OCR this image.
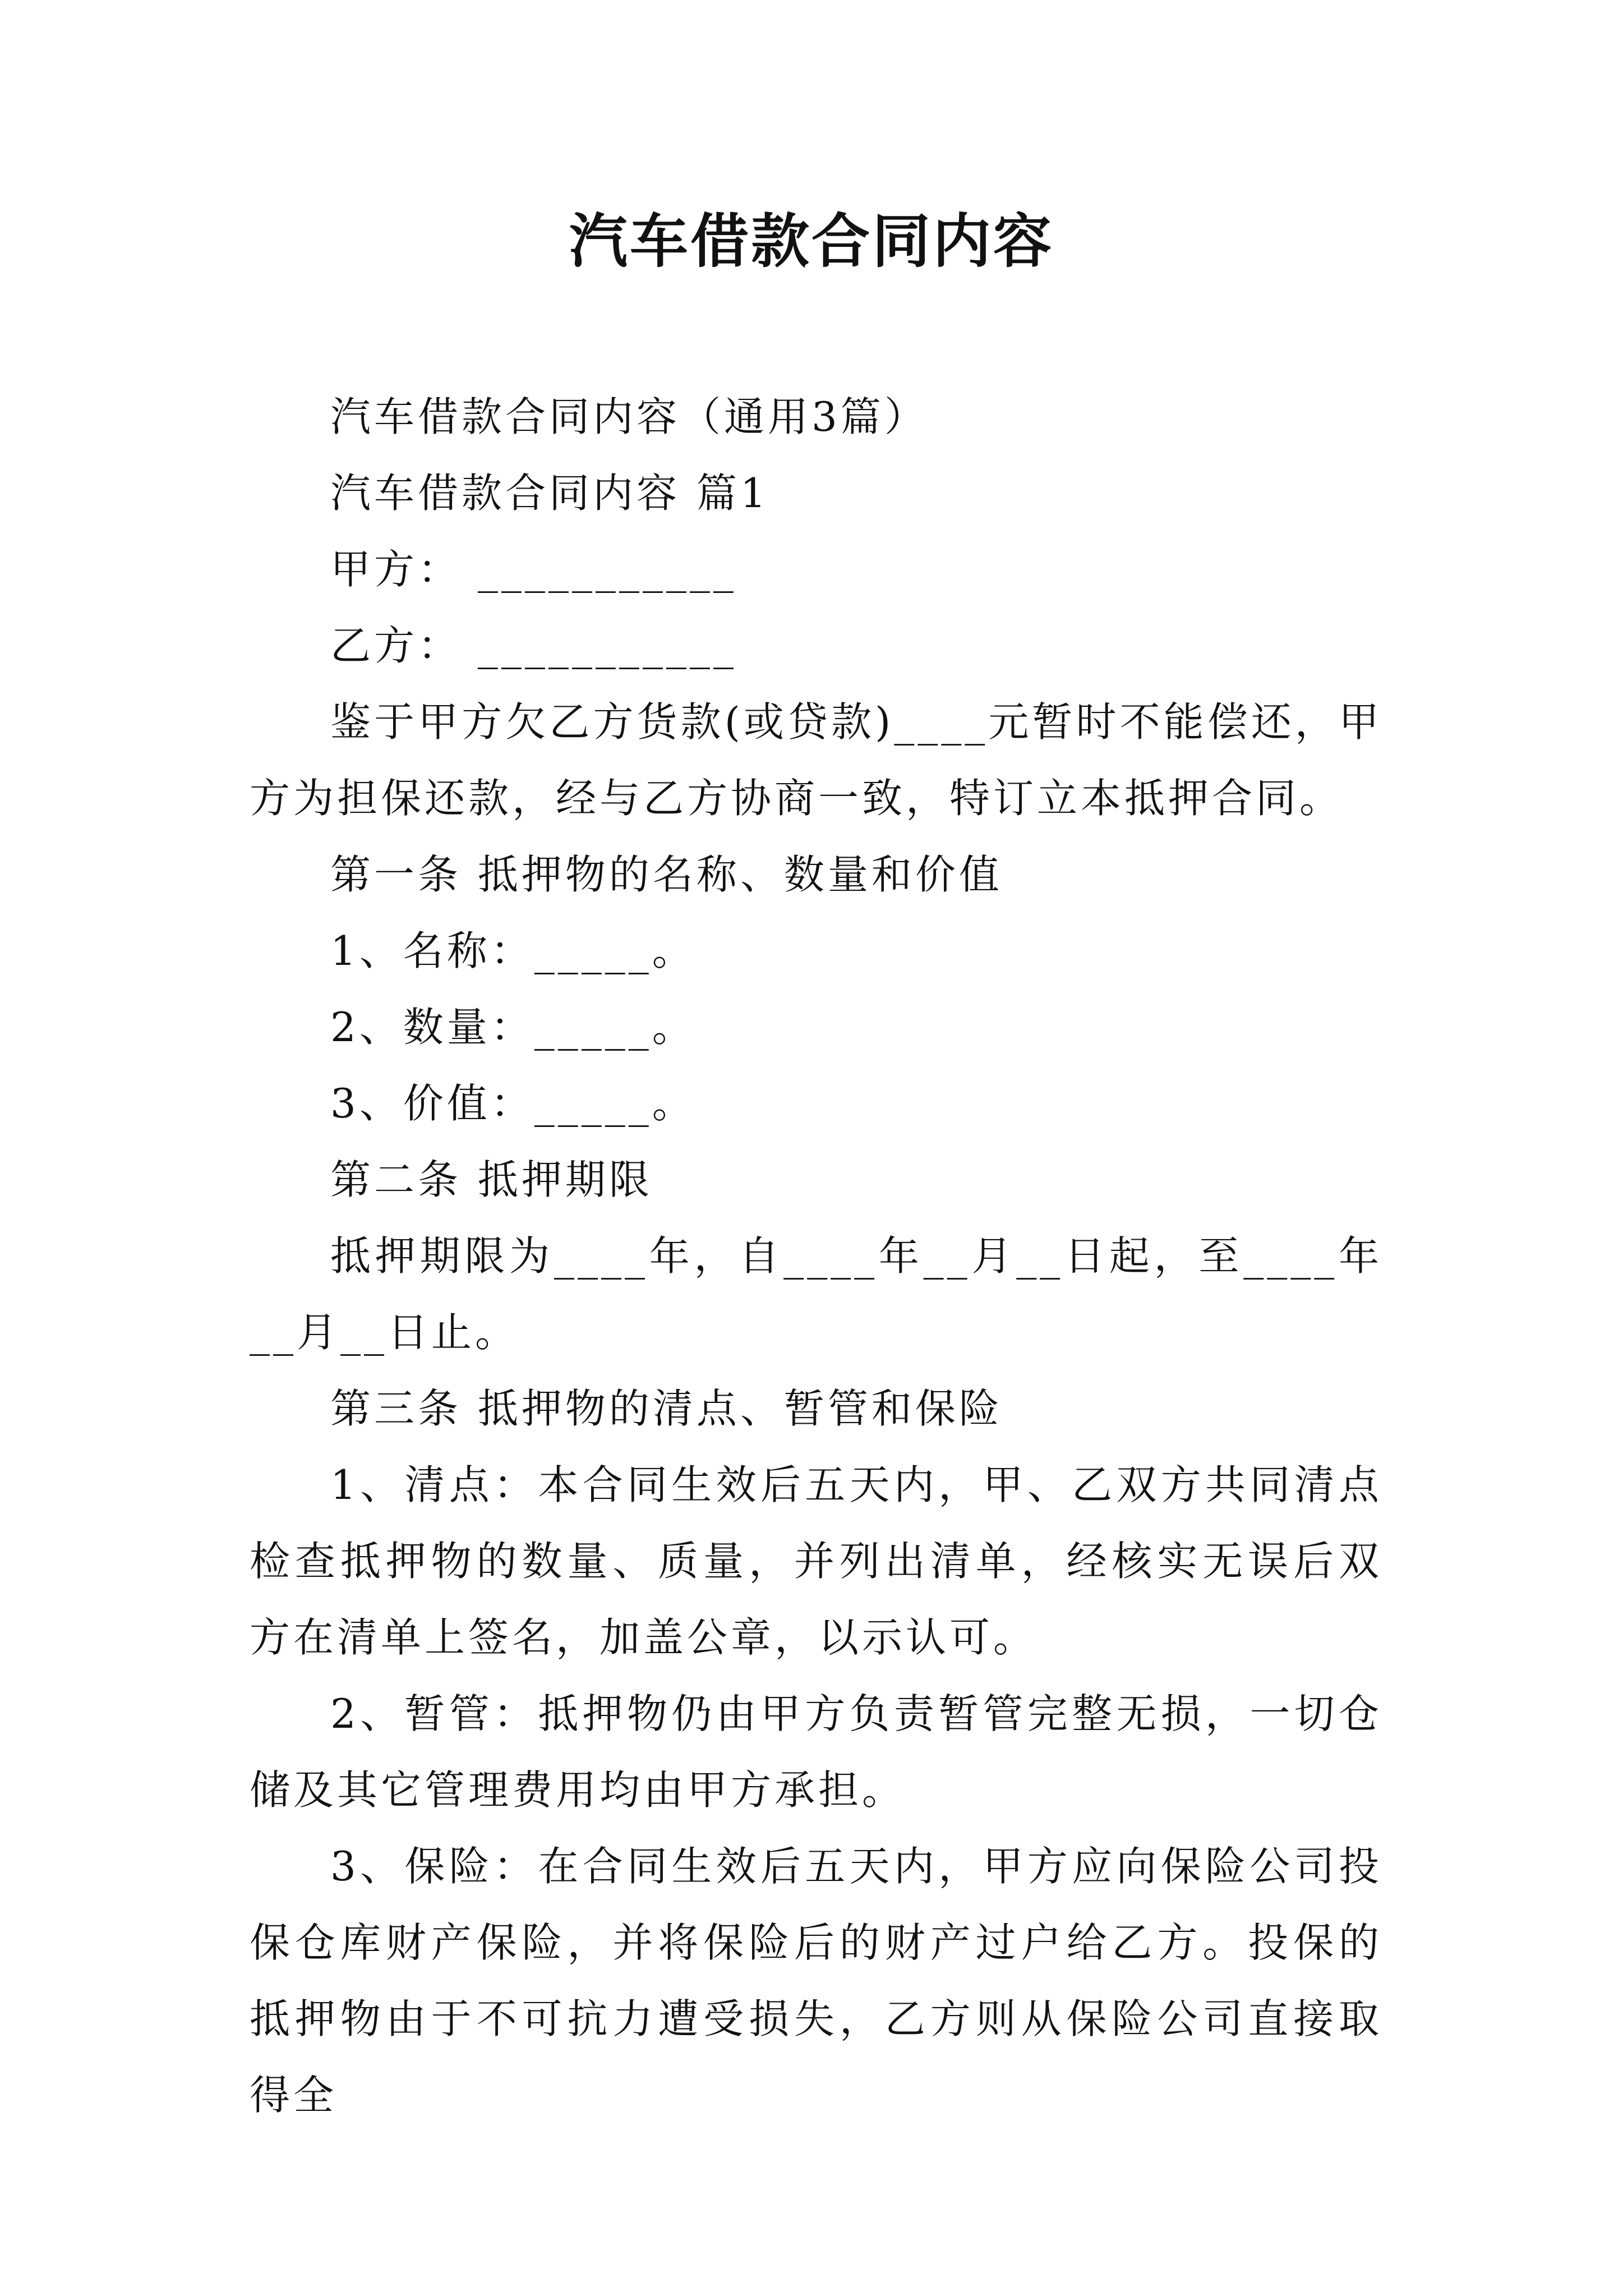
汽车借款合同内容

汽车借款合同内容（通用3篇）

汽车借款合同内容 篇1

甲方： ___________

乙方： ___________

鉴于甲方欠乙方货款(或贷款)____元暂时不能偿还，甲方为担保还款，经与乙方协商一致，特订立本抵押合同。

第一条 抵押物的名称、数量和价值

1、名称：_____。

2、数量：_____。

3、价值：_____。

第二条 抵押期限

抵押期限为____年，自____年__月__日起，至____年__月__日止。

第三条 抵押物的清点、暂管和保险

1、清点：本合同生效后五天内，甲、乙双方共同清点检查抵押物的数量、质量，并列出清单，经核实无误后双方在清单上签名，加盖公章，以示认可。

2、暂管：抵押物仍由甲方负责暂管完整无损，一切仓储及其它管理费用均由甲方承担。

3、保险：在合同生效后五天内，甲方应向保险公司投保仓库财产保险，并将保险后的财产过户给乙方。投保的抵押物由于不可抗力遭受损失，乙方则从保险公司直接取得全
